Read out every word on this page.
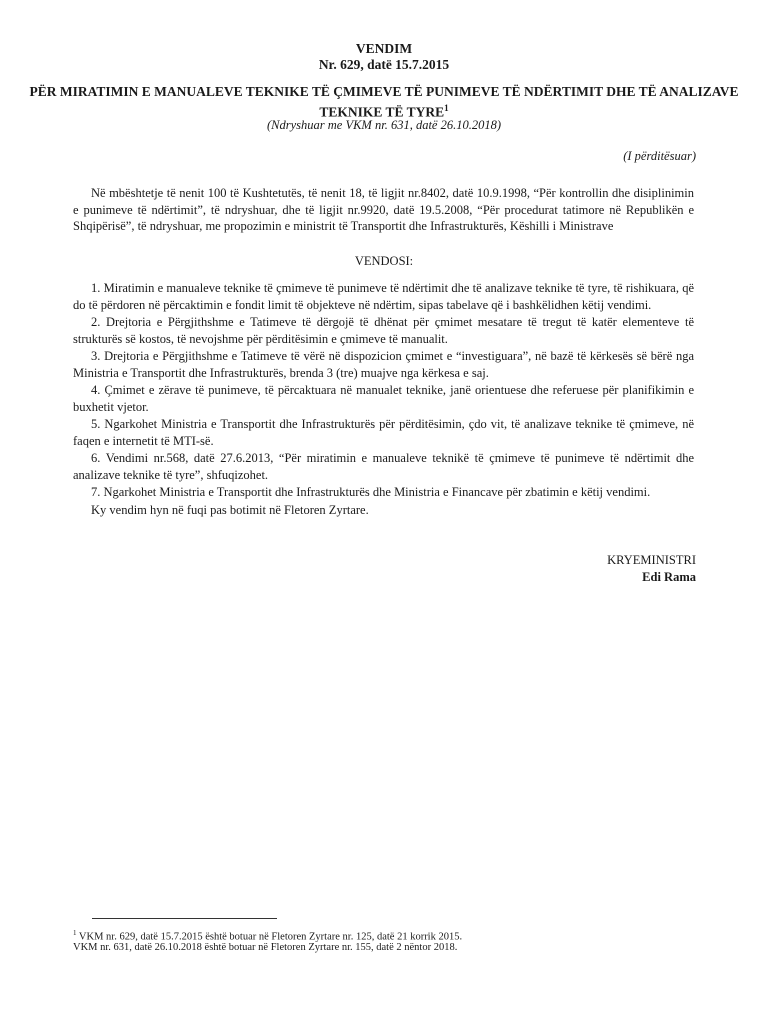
VENDIM
Nr. 629, datë 15.7.2015
PËR MIRATIMIN E MANUALEVE TEKNIKE TË ÇMIMEVE TË PUNIMEVE TË NDËRTIMIT DHE TË ANALIZAVE TEKNIKE TË TYRE$^1$
(Ndryshuar me VKM nr. 631, datë 26.10.2018)
(I përditësuar)
Në mbështetje të nenit 100 të Kushtetutës, të nenit 18, të ligjit nr.8402, datë 10.9.1998, “Për kontrollin dhe disiplinimin e punimeve të ndërtimit”, të ndryshuar, dhe të ligjit nr.9920, datë 19.5.2008, “Për procedurat tatimore në Republikën e Shqipërisë”, të ndryshuar, me propozimin e ministrit të Transportit dhe Infrastrukturës, Këshilli i Ministrave
VENDOSI:

1. Miratimin e manualeve teknike të çmimeve të punimeve të ndërtimit dhe të analizave teknike të tyre, të rishikuara, që do të përdoren në përcaktimin e fondit limit të objekteve në ndërtim, sipas tabelave që i bashkëlidhen këtij vendimi.

2. Drejtoria e Përgjithshme e Tatimeve të dërgojë të dhënat për çmimet mesatare të tregut të katër elementeve të strukturës së kostos, të nevojshme për përditësimin e çmimeve të manualit.

3. Drejtoria e Përgjithshme e Tatimeve të vërë në dispozicion çmimet e “investiguara”, në bazë të kërkesës së bërë nga Ministria e Transportit dhe Infrastrukturës, brenda 3 (tre) muajve nga kërkesa e saj.

4. Çmimet e zërave të punimeve, të përcaktuara në manualet teknike, janë orientuese dhe referuese për planifikimin e buxhetit vjetor.

5. Ngarkohet Ministria e Transportit dhe Infrastrukturës për përditësimin, çdo vit, të analizave teknike të çmimeve, në faqen e internetit të MTI-së.

6. Vendimi nr.568, datë 27.6.2013, “Për miratimin e manualeve teknikë të çmimeve të punimeve të ndërtimit dhe analizave teknike të tyre”, shfuqizohet.

7. Ngarkohet Ministria e Transportit dhe Infrastrukturës dhe Ministria e Financave për zbatimin e këtij vendimi.

Ky vendim hyn në fuqi pas botimit në Fletoren Zyrtare.

KRYEMINISTRI
Edi Rama
$^1$ VKM nr. 629, datë 15.7.2015 është botuar në Fletoren Zyrtare nr. 125, datë 21 korrik 2015.
VKM nr. 631, datë 26.10.2018 është botuar në Fletoren Zyrtare nr. 155, datë 2 nëntor 2018.
